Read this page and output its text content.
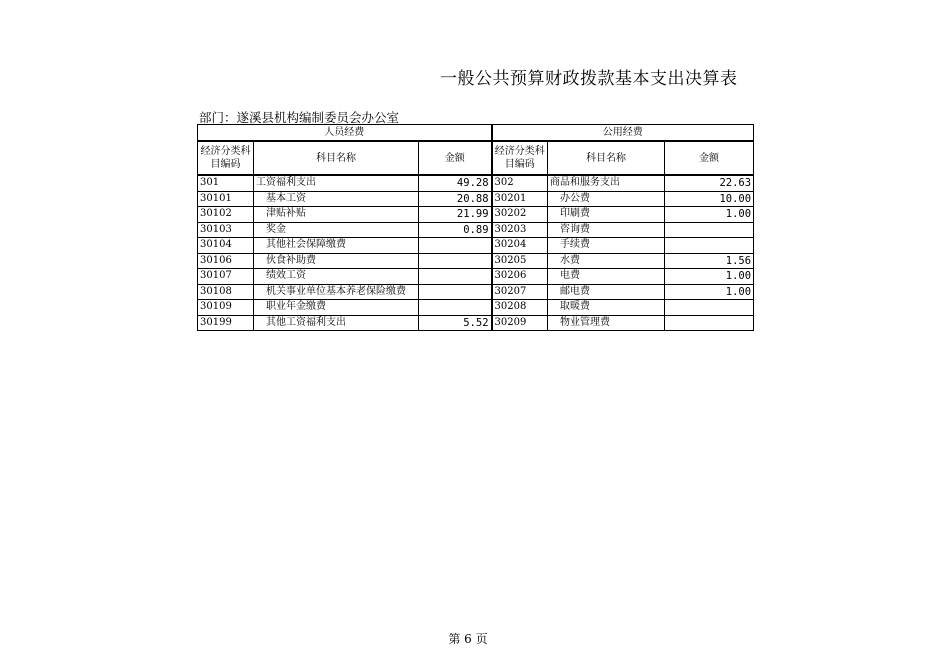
一般公共预算财政拨款基本支出决算表
部门：遂溪县机构编制委员会办公室
人员经费			公用经费		
经济分类科目编码	科目名称	金额	经济分类科目编码	科目名称	金额
301	工资福利支出	49.28	302	商品和服务支出	22.63
30101	基本工资	20.88	30201	办公费	10.00
30102	津贴补贴	21.99	30202	印刷费	1.00
30103	奖金	0.89	30203	咨询费	
30104	其他社会保障缴费		30204	手续费	
30106	伙食补助费		30205	水费	1.56
30107	绩效工资		30206	电费	1.00
30108	机关事业单位基本养老保险缴费		30207	邮电费	1.00
30109	职业年金缴费		30208	取暖费	
30199	其他工资福利支出	5.52	30209	物业管理费	
第 6 页
